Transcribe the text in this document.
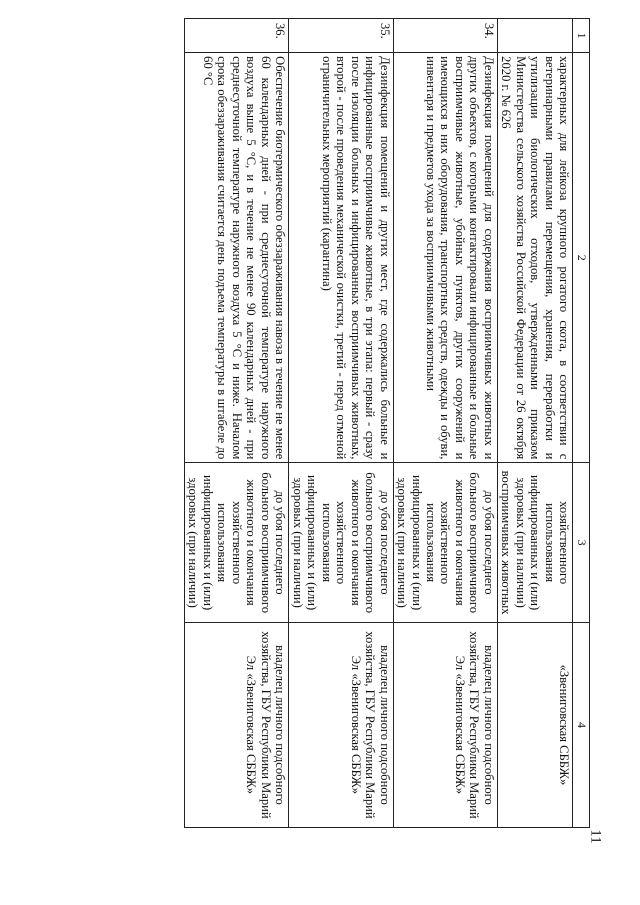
11
1	2	3	4
	характерных для лейкоза крупного рогатого скота, в соответствии с ветеринарными правилами перемещения, хранения, переработки и утилизации биологических отходов, утвержденными приказом Министерства сельского хозяйства Российской Федерации от 26 октября 2020 г. № 626	хозяйственного использования инфицированных и (или) здоровых (при наличии) восприимчивых животных	«Звениговская СББЖ»
34.	Дезинфекция помещений для содержания восприимчивых животных и других объектов, с которыми контактировали инфицированные и больные восприимчивые животные, убойных пунктов, других сооружений и имеющихся в них оборудования, транспортных средств, одежды и обуви, инвентаря и предметов ухода за восприимчивыми животными	до убоя последнего больного восприимчивого животного и окончания хозяйственного использования инфицированных и (или) здоровых (при наличии)	владелец личного подсобного хозяйства, ГБУ Республики Марий Эл «Звениговская СББЖ»
35.	Дезинфекция помещений и других мест, где содержались больные и инфицированные восприимчивые животные, в три этапа: первый - сразу после изоляции больных и инфицированных восприимчивых животных, второй - после проведения механической очистки, третий - перед отменой ограничительных мероприятий (карантина)	до убоя последнего больного восприимчивого животного и окончания хозяйственного использования инфицированных и (или) здоровых (при наличии)	владелец личного подсобного хозяйства, ГБУ Республики Марий Эл «Звениговская СББЖ»
36.	Обеспечение биотермического обеззараживания навоза в течение не менее 60 календарных дней - при среднесуточной температуре наружного воздуха выше 5 °С, и в течение не менее 90 календарных дней - при среднесуточной температуре наружного воздуха 5 °С и ниже. Началом срока обеззараживания считается день подъема температуры в штабеле до 60 °С	до убоя последнего больного восприимчивого животного и окончания хозяйственного использования инфицированных и (или) здоровых (при наличии)	владелец личного подсобного хозяйства, ГБУ Республики Марий Эл «Звениговская СББЖ»
